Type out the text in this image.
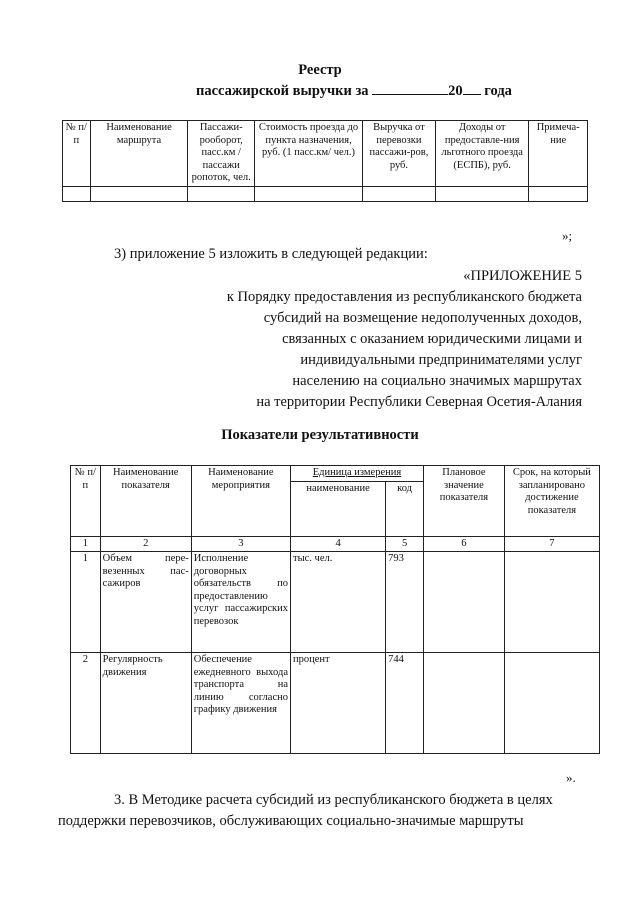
Реестр
пассажирской выручки за	20 года
№ п/п	Наименование маршрута	Пассажи-рооборот, пасс.км / пассажи ропоток, чел.	Стоимость проезда до пункта назначения, руб. (1 пасс.км/ чел.)	Выручка от перевозки пассажи-ров, руб.	Доходы от предоставле-ния льготного проезда (ЕСПБ), руб.	Примеча-ние

»;
3) приложение 5 изложить в следующей редакции:
«ПРИЛОЖЕНИЕ 5
к Порядку предоставления из республиканского бюджета
субсидий на возмещение недополученных доходов,
связанных с оказанием юридическими лицами и
индивидуальными предпринимателями услуг
населению на социально значимых маршрутах
на территории Республики Северная Осетия-Алания
Показатели результативности
№ п/п	Наименование показателя	Наименование мероприятия	Единица измерения		Плановое значение показателя	Срок, на который запланировано достижение показателя
			наименование	код		
1	2	3	4	5	6	7
1	Объем пере-везенных пас-сажиров	Исполнение договорных обязательств по предоставлению услуг пассажирских перевозок	тыс. чел.	793		
2	Регулярность движения	Обеспечение ежедневного выхода транспорта на линию согласно графику движения	процент	744		
».
3. В Методике расчета субсидий из республиканского бюджета в целях поддержки перевозчиков, обслуживающих социально-значимые маршруты
